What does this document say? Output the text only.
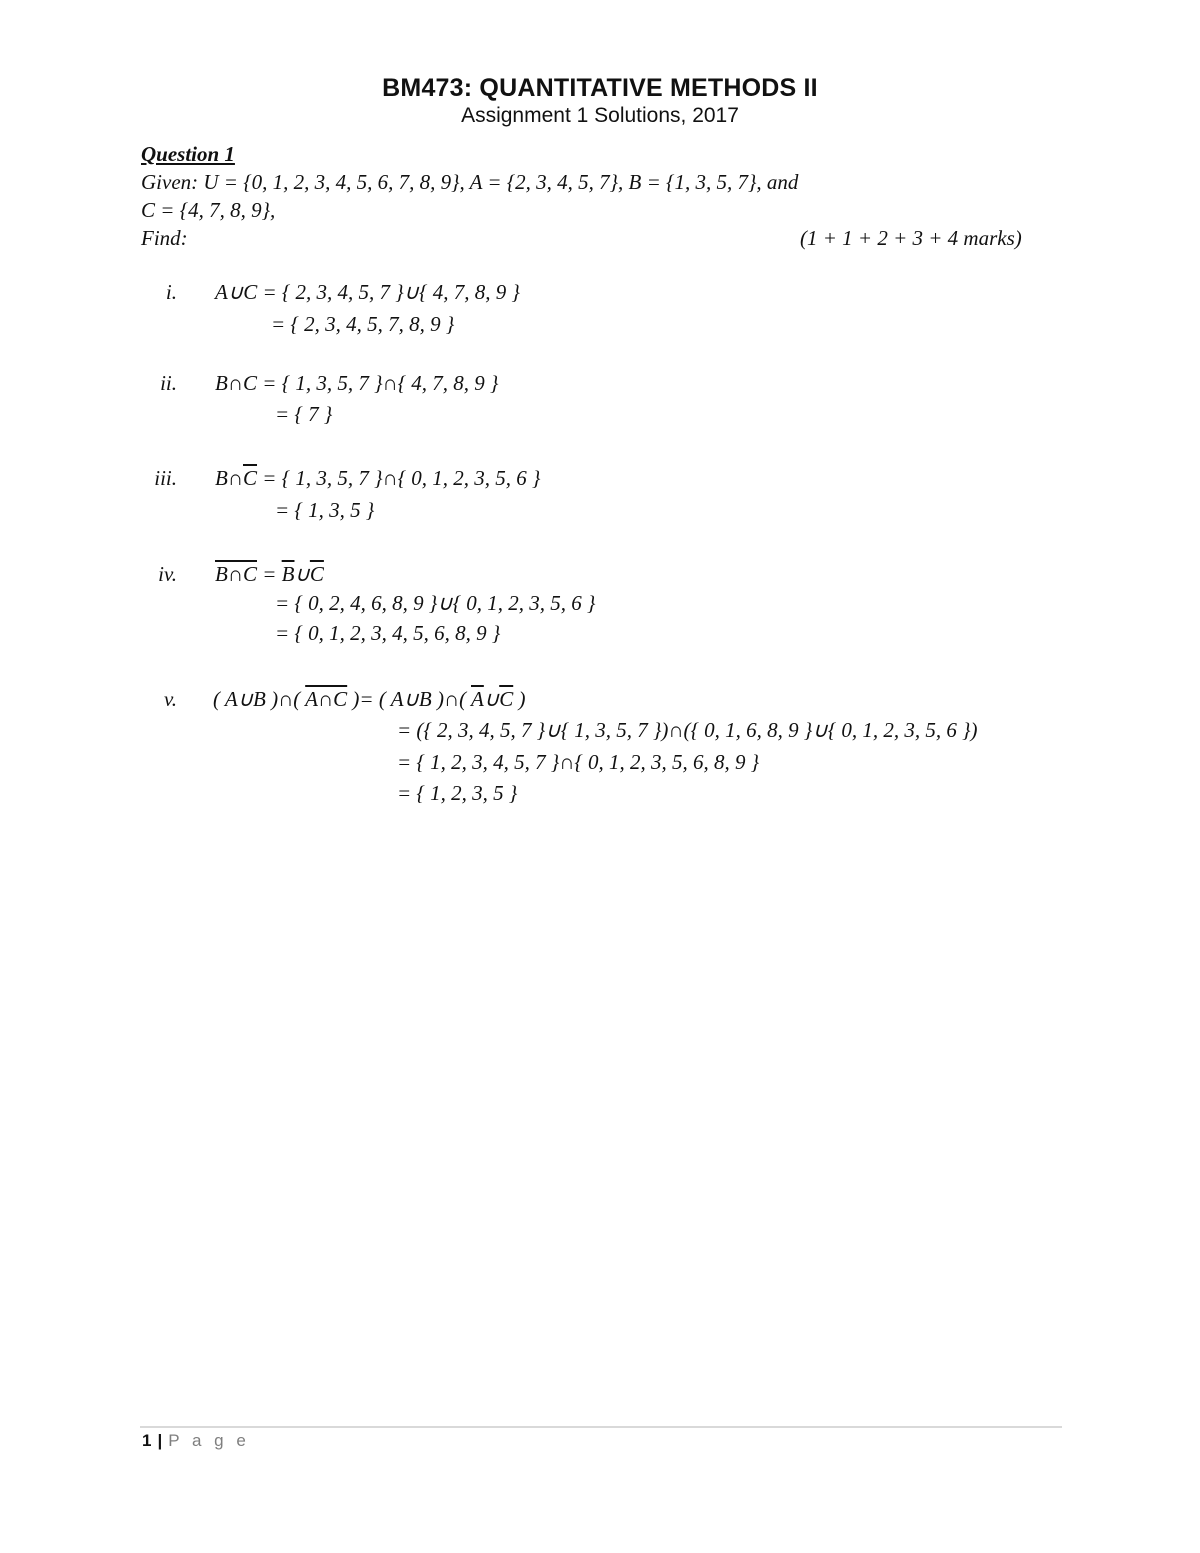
BM473: QUANTITATIVE METHODS II
Assignment 1 Solutions, 2017
Question 1
Given: U = {0, 1, 2, 3, 4, 5, 6, 7, 8, 9}, A = {2, 3, 4, 5, 7}, B = {1, 3, 5, 7}, and
C = {4, 7, 8, 9},
Find:	(1 + 1 + 2 + 3 + 4 marks)
i. A∪C = { 2, 3, 4, 5, 7 }∪{ 4, 7, 8, 9 }
= { 2, 3, 4, 5, 7, 8, 9 }
ii. B∩C = { 1, 3, 5, 7 }∩{ 4, 7, 8, 9 }
= { 7 }
iii. $B\cap\overline{C}$ = { 1, 3, 5, 7 }∩{ 0, 1, 2, 3, 5, 6 }
= { 1, 3, 5 }
iv. B∩C = $\overline{B}\cup\overline{C}$
= { 0, 2, 4, 6, 8, 9 }∪{ 0, 1, 2, 3, 5, 6 }
= { 0, 1, 2, 3, 4, 5, 6, 8, 9 }
v. ( A∪B )∩( A∩C )= ( A∪B )∩( $\overline{A}\cup\overline{C}$ )
= ({ 2, 3, 4, 5, 7 }∪{ 1, 3, 5, 7 })∩({ 0, 1, 6, 8, 9 }∪{ 0, 1, 2, 3, 5, 6 })
= { 1, 2, 3, 4, 5, 7 }∩{ 0, 1, 2, 3, 5, 6, 8, 9 }
= { 1, 2, 3, 5 }
1 | P a g e
